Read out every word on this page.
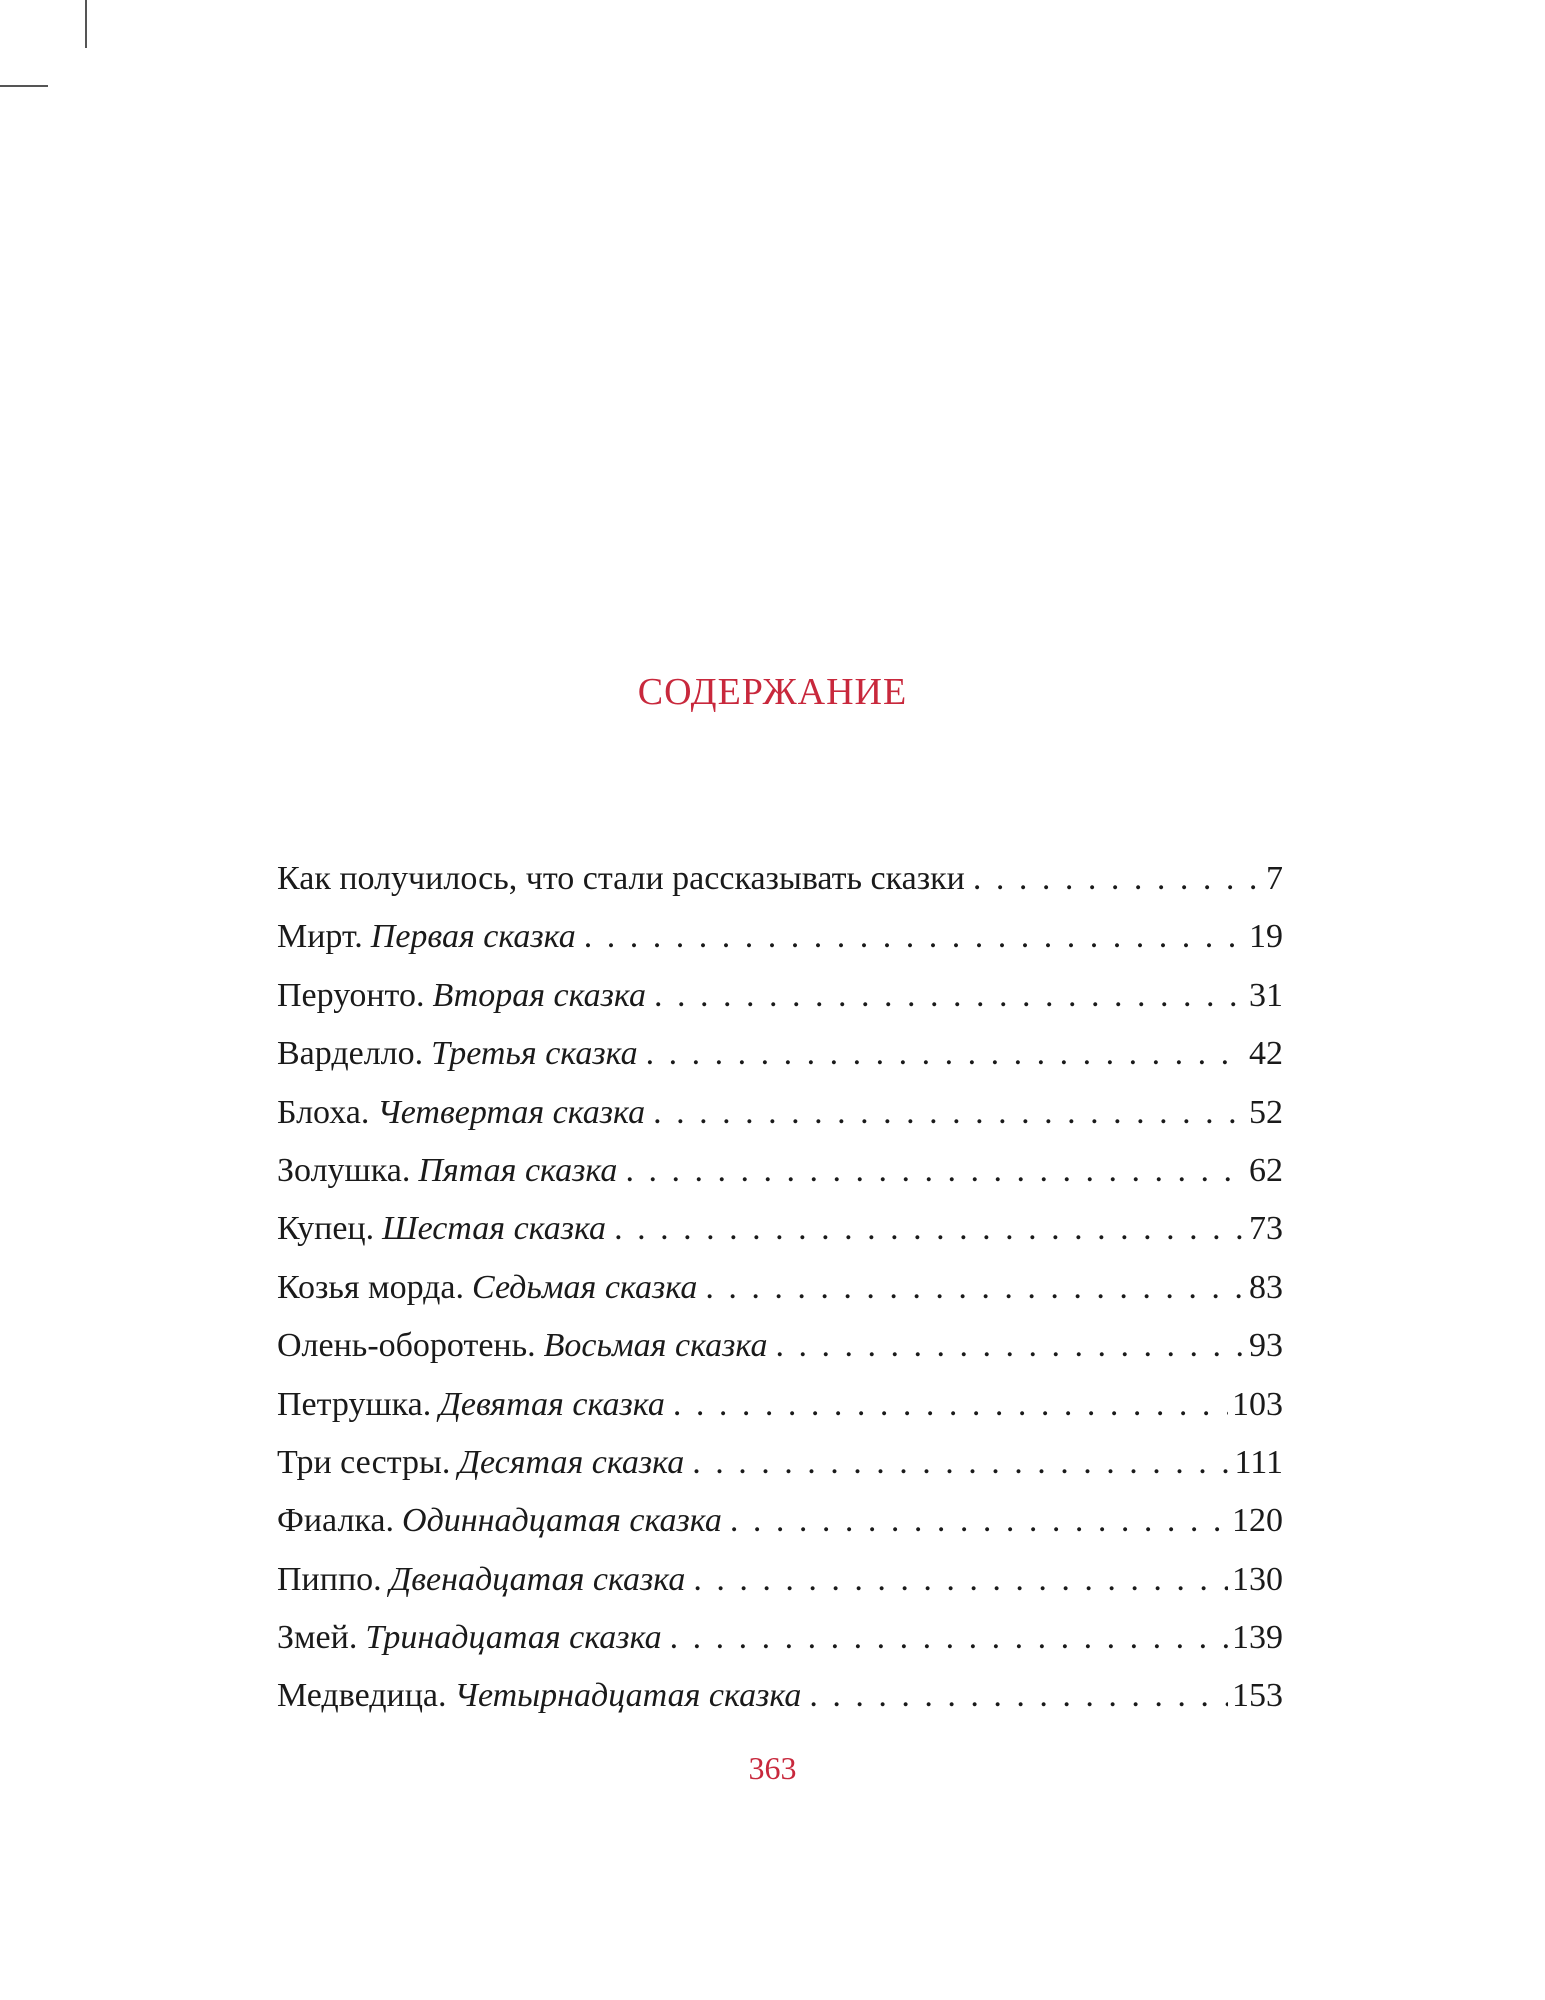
СОДЕРЖАНИЕ
Как получилось, что стали рассказывать сказки . . .	7
Мирт. Первая сказка . . .	19
Перуонто. Вторая сказка . . .	31
Варделло. Третья сказка . . .	42
Блоха. Четвертая сказка . . .	52
Золушка. Пятая сказка . . .	62
Купец. Шестая сказка . . .	73
Козья морда. Седьмая сказка . . .	83
Олень-оборотень. Восьмая сказка . . .	93
Петрушка. Девятая сказка . . .	103
Три сестры. Десятая сказка . . .	111
Фиалка. Одиннадцатая сказка . . .	120
Пиппо. Двенадцатая сказка . . .	130
Змей. Тринадцатая сказка . . .	139
Медведица. Четырнадцатая сказка . . .	153
363
